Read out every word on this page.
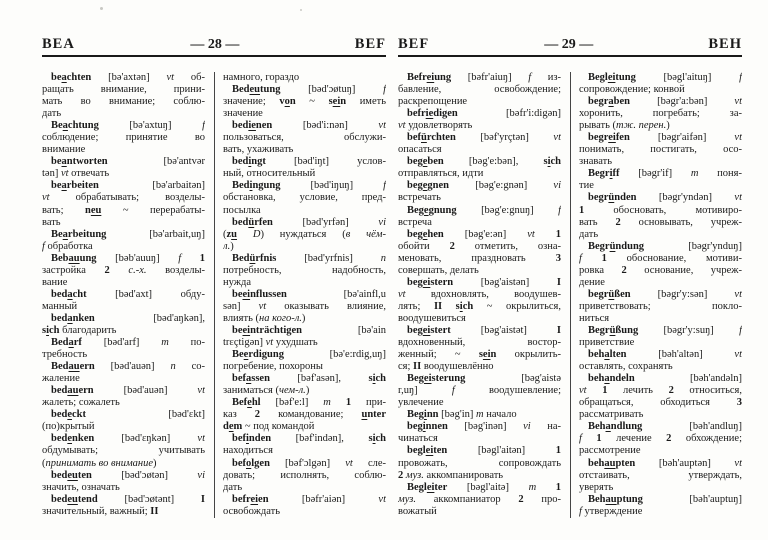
BEA	— 28 —	BEF
beachten [bə'axtən] vt об-
раща́ть внима́ние, прини-
ма́ть во внима́ние; соблю-
да́ть
Beachtung [bə'axtuŋ] f
соблюде́ние; приня́тие во
внима́ние
beantworten [bə'antvər
tən] vt отвеча́ть
bearbeiten [bə'arbaitən]
vt обраба́тывать; возде́лы-
вать; neu ~ перераба́ты-
вать
Bearbeitung [bə'arbait,uŋ]
f обрабо́тка
Bebauung [bəb'auuŋ] f 1
застро́йка 2 с.-х. возде́лы-
вание
bedacht [bəd'axt] обду́-
манный
bedanken [bəd'aŋkən],
sich благодари́ть
Bedarf [bəd'arf] m по-
тре́бность
Bedauern [bəd'auən] n со-
жале́ние
bedauern [bəd'auən] vt
жале́ть; сожале́ть
bedeckt [bəd'ɛkt]
(по)кры́тый
bedenken [bəd'ɛŋkən] vt
обду́мывать; учи́тывать
(принима́ть во внима́ние)
bedeuten [bəd'ɔøtən] vi
зна́чить, означа́ть
bedeutend [bəd'ɔøtənt] I
значи́тельный, ва́жный; II
намно́го, гора́здо
Bedeutung [bəd'ɔøtuŋ] f
значе́ние; von ~ sein име́ть
значе́ние
bedienen [bəd'i:nən] vt
по́льзоваться, обслу́жи-
вать, уха́живать
bedingt [bəd'iŋt] усло́в-
ный, относи́тельный
Bedingung [bəd'iŋuŋ] f
обстано́вка, усло́вие, пред-
посы́лка
bedürfen [bəd'yrfən] vi
(zu D) нужда́ться (в чём-
л.)
Bedürfnis [bəd'yrfnis] n
потре́бность, на́добность,
нужда́
beeinflussen [bə'ainfl,u
sən] vt ока́зывать влия́ние,
влия́ть (на кого́-л.)
beeinträchtigen [bə'ain
trɛçtigən] vt ухудша́ть
Beerdigung [bə'e:rdig,uŋ]
погребе́ние, по́хороны
befassen [bəf'asən], sich
занима́ться (чем-л.)
Befehl [bəf'e:l] m 1 при-
ка́з 2 кома́ндование; unter
dem ~ под кома́ндой
befinden [bəf'indən], sich
находи́ться
befolgen [bəf'ɔlgən] vt сле́-
довать; исполня́ть, соблю-
да́ть
befreien [bəfr'aiən] vt
освобожда́ть
BEF	— 29 —	BEH
Befreiung [bəfr'aiuŋ] f из-
бавле́ние, освобожде́ние;
раскрепоще́ние
befriedigen [bəfr'i:digən]
vt удовлетворя́ть
befürchten [bəf'yrçtən] vt
опаса́ться
begeben [bəg'e:bən], sich
отправля́ться, идти́
begegnen [bəg'e:gnən] vi
встреча́ть
Begegnung [bəg'e:gnuŋ] f
встре́ча
begehen [bəg'e:ən] vt 1
обойти́ 2 отме́тить, озна-
менова́ть, пра́здновать 3
соверша́ть, де́лать
begeistern [bəg'aistən] I
vt вдохновля́ть, воодушев-
ля́ть; II sich ~ окрыли́ться,
воодушеви́ться
begeistert [bəg'aistət] I
вдохнове́нный, восто́р-
женный; ~ sein окрыли́ть-
ся; II воодушевлённо
Begeisterung [bəg'aistə
r,uŋ] f воодушевле́ние;
увлече́ние
Beginn [bəg'in] m нача́ло
beginnen [bəg'inən] vi на-
чина́ться
begleiten [bəgl'aitən] 1
провожа́ть, сопровожда́ть
2 муз. аккомпани́ровать
Begleiter [bəgl'aitə] m 1
муз. аккомпаниа́тор 2 про-
вожа́тый
Begleitung [bəgl'aituŋ] f
сопровожде́ние; конво́й
begraben [bəgr'a:bən] vt
хорони́ть, погреба́ть; за-
рыва́ть (тж. перен.)
begreifen [bəgr'aifən] vt
понима́ть, постига́ть, осо-
знава́ть
Begriff [bəgr'if] m поня́-
тие
begründen [bəgr'yndən] vt
1 обоснова́ть, мотиви́ро-
вать 2 осно́вывать, учреж-
да́ть
Begründung [bəgr'ynduŋ]
f 1 обоснова́ние, мотиви-
ро́вка 2 основа́ние, учреж-
де́ние
begrüßen [bəgr'y:sən] vt
приве́тствовать; покло-
ни́ться
Begrüßung [bəgr'y:suŋ] f
приве́тствие
behalten [bəh'altən] vt
оставля́ть, сохраня́ть
behandeln [bəh'andəln]
vt 1 лечи́ть 2 относи́ться,
обраща́ться, обходи́ться 3
рассма́тривать
Behandlung [bəh'andluŋ]
f 1 лече́ние 2 обхожде́ние;
рассмотре́ние
behaupten [bəh'auptən] vt
отста́ивать, утвержда́ть,
уверя́ть
Behauptung [bəh'auptuŋ]
f утвержде́ние
